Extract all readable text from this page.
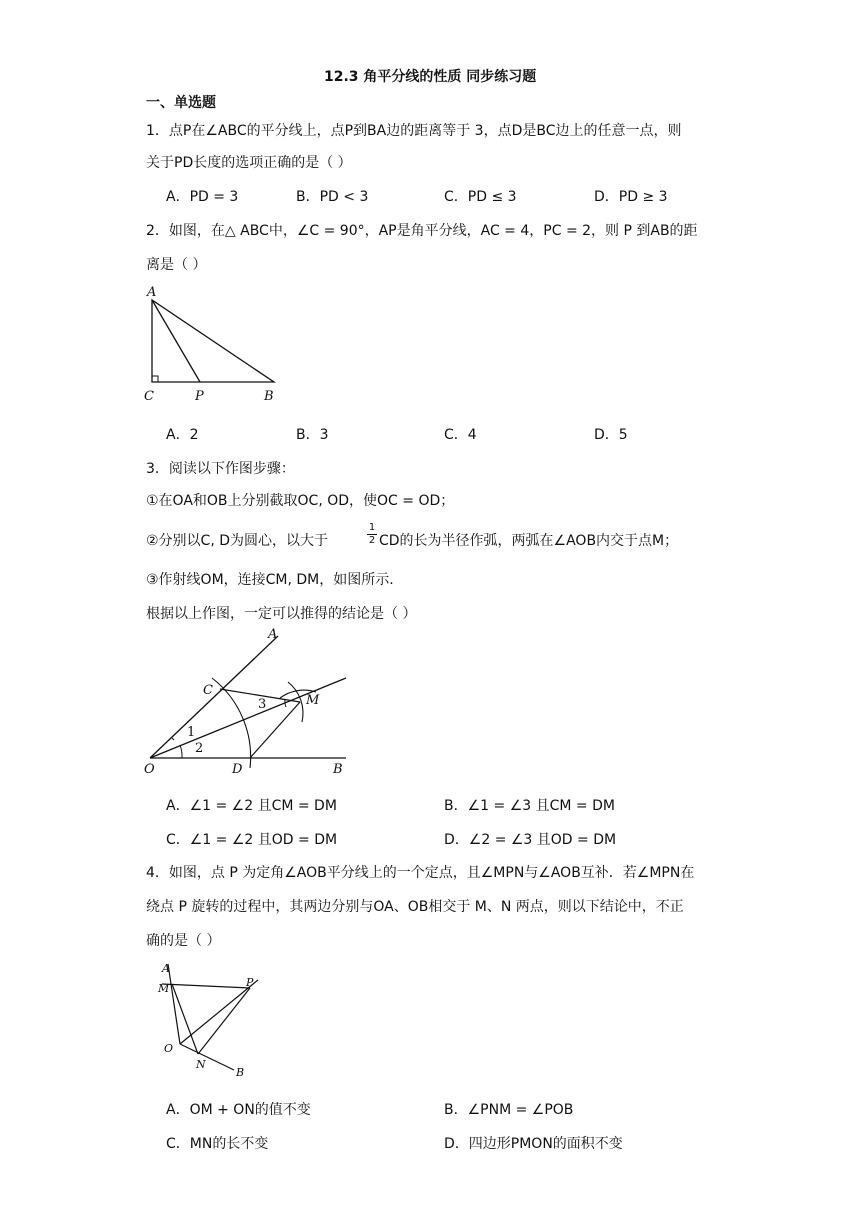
12.3 角平分线的性质 同步练习题
一、单选题
1．点P在∠ABC的平分线上，点P到BA边的距离等于 3，点D是BC边上的任意一点，则
关于PD长度的选项正确的是（ ）
A．PD = 3	B．PD < 3	C．PD ≤ 3	D．PD ≥ 3
2．如图，在△ ABC中，∠C = 90°，AP是角平分线，AC = 4，PC = 2，则 P 到AB的距
离是（ ）
A
C	P	B
A．2	B．3	C．4	D．5
3．阅读以下作图步骤：
①在OA和OB上分别截取OC, OD，使OC = OD；
②分别以C, D为圆心，以大于	$\frac{1}{2}$ CD的长为半径作弧，两弧在∠AOB内交于点M；
③作射线OM，连接CM, DM，如图所示.
根据以上作图，一定可以推得的结论是（ ）
A
C
M
O	D	B
1
2
3
A．∠1 = ∠2 且CM = DM	B．∠1 = ∠3 且CM = DM
C．∠1 = ∠2 且OD = DM	D．∠2 = ∠3 且OD = DM
4．如图，点 P 为定角∠AOB平分线上的一个定点，且∠MPN与∠AOB互补．若∠MPN在
绕点 P 旋转的过程中，其两边分别与OA、OB相交于 M、N 两点，则以下结论中，不正
确的是（ ）
A
M	P
O
N
B
A．OM + ON的值不变	B．∠PNM = ∠POB
C．MN的长不变	D．四边形PMON的面积不变
